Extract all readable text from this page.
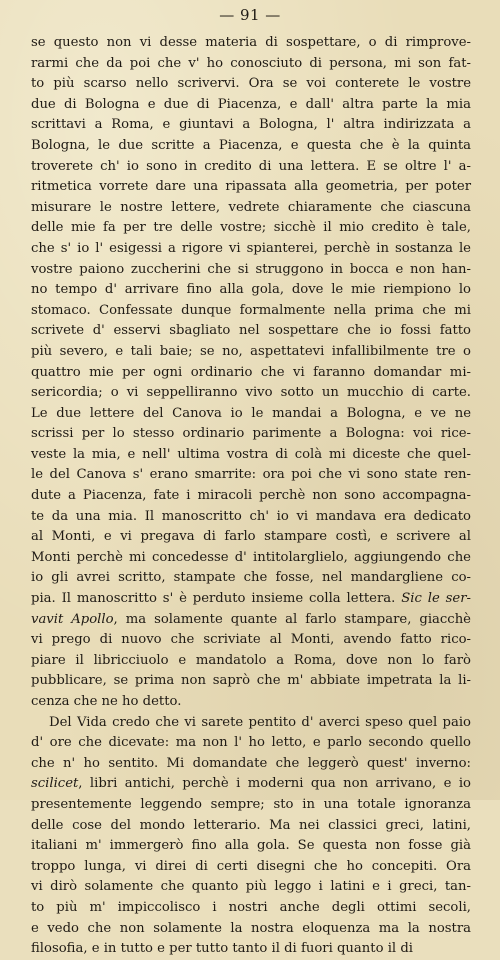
— 91 —
se questo non vi desse materia di sospettare, o di rimprove-
rarmi che da poi che v' ho conosciuto di persona, mi son fat-
to più scarso nello scrivervi. Ora se voi conterete le vostre
due di Bologna e due di Piacenza, e dall' altra parte la mia
scrittavi a Roma, e giuntavi a Bologna, l' altra indirizzata a
Bologna, le due scritte a Piacenza, e questa che è la quinta
troverete ch' io sono in credito di una lettera. E se oltre l' a-
ritmetica vorrete dare una ripassata alla geometria, per poter
misurare le nostre lettere, vedrete chiaramente che ciascuna
delle mie fa per tre delle vostre; sicchè il mio credito è tale,
che s' io l' esigessi a rigore vi spianterei, perchè in sostanza le
vostre paiono zuccherini che si struggono in bocca e non han-
no tempo d' arrivare fino alla gola, dove le mie riempiono lo
stomaco. Confessate dunque formalmente nella prima che mi
scrivete d' esservi sbagliato nel sospettare che io fossi fatto
più severo, e tali baie; se no, aspettatevi infallibilmente tre o
quattro mie per ogni ordinario che vi faranno domandar mi-
sericordia; o vi seppelliranno vivo sotto un mucchio di carte.
Le due lettere del Canova io le mandai a Bologna, e ve ne
scrissi per lo stesso ordinario parimente a Bologna: voi rice-
veste la mia, e nell' ultima vostra di colà mi diceste che quel-
le del Canova s' erano smarrite: ora poi che vi sono state ren-
dute a Piacenza, fate i miracoli perchè non sono accompagna-
te da una mia. Il manoscritto ch' io vi mandava era dedicato
al Monti, e vi pregava di farlo stampare costì, e scrivere al
Monti perchè mi concedesse d' intitolarglielo, aggiungendo che
io gli avrei scritto, stampate che fosse, nel mandargliene co-
pia. Il manoscritto s' è perduto insieme colla lettera. Sic le ser-
vavit Apollo, ma solamente quante al farlo stampare, giacchè
vi prego di nuovo che scriviate al Monti, avendo fatto rico-
piare il libricciuolo e mandatolo a Roma, dove non lo farò
pubblicare, se prima non saprò che m' abbiate impetrata la li-
cenza che ne ho detto.
Del Vida credo che vi sarete pentito d' averci speso quel paio
d' ore che dicevate: ma non l' ho letto, e parlo secondo quello
che n' ho sentito. Mi domandate che leggerò quest' inverno:
scilicet, libri antichi, perchè i moderni qua non arrivano, e io
presentemente leggendo sempre; sto in una totale ignoranza
delle cose del mondo letterario. Ma nei classici greci, latini,
italiani m' immergerò fino alla gola. Se questa non fosse già
troppo lunga, vi direi di certi disegni che ho concepiti. Ora
vi dirò solamente che quanto più leggo i latini e i greci, tan-
to più m' impiccolisco i nostri anche degli ottimi secoli,
e vedo che non solamente la nostra eloquenza ma la nostra
filosofia, e in tutto e per tutto tanto il di fuori quanto il di
